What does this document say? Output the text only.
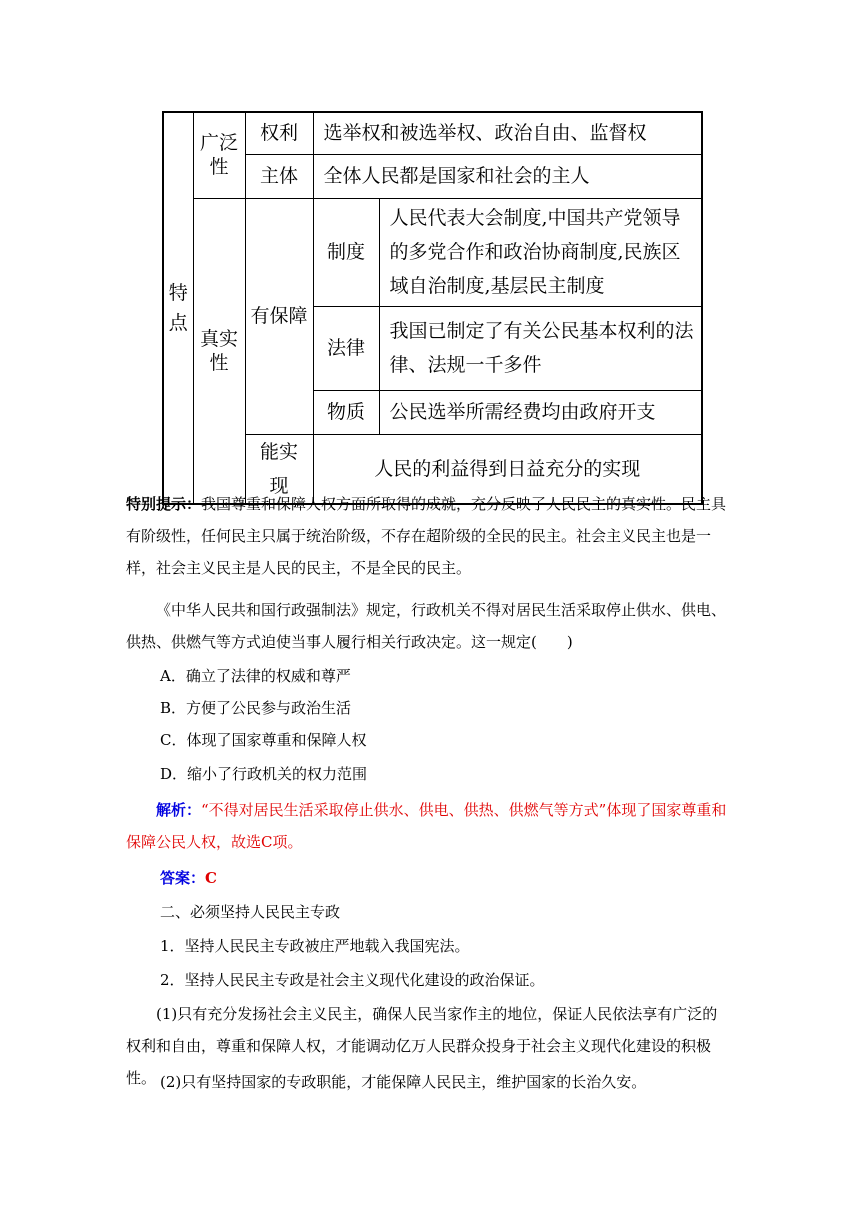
特点	广泛性	权利	选举权和被选举权、政治自由、监督权	
		主体	全体人民都是国家和社会的主人	
	真实性	有保障	制度	人民代表大会制度,中国共产党领导的多党合作和政治协商制度,民族区域自治制度,基层民主制度
			法律	我国已制定了有关公民基本权利的法律、法规一千多件
			物质	公民选举所需经费均由政府开支
		能实现	人民的利益得到日益充分的实现	
特别提示：我国尊重和保障人权方面所取得的成就，充分反映了人民民主的真实性。民主具有阶级性，任何民主只属于统治阶级，不存在超阶级的全民的民主。社会主义民主也是一样，社会主义民主是人民的民主，不是全民的民主。
《中华人民共和国行政强制法》规定，行政机关不得对居民生活采取停止供水、供电、供热、供燃气等方式迫使当事人履行相关行政决定。这一规定(　　)
A．确立了法律的权威和尊严
B．方便了公民参与政治生活
C．体现了国家尊重和保障人权
D．缩小了行政机关的权力范围
解析：“不得对居民生活采取停止供水、供电、供热、供燃气等方式”体现了国家尊重和保障公民人权，故选C项。
答案：C
二、必须坚持人民民主专政
1．坚持人民民主专政被庄严地载入我国宪法。
2．坚持人民民主专政是社会主义现代化建设的政治保证。
(1)只有充分发扬社会主义民主，确保人民当家作主的地位，保证人民依法享有广泛的权利和自由，尊重和保障人权，才能调动亿万人民群众投身于社会主义现代化建设的积极性。 (2)只有坚持国家的专政职能，才能保障人民民主，维护国家的长治久安。
